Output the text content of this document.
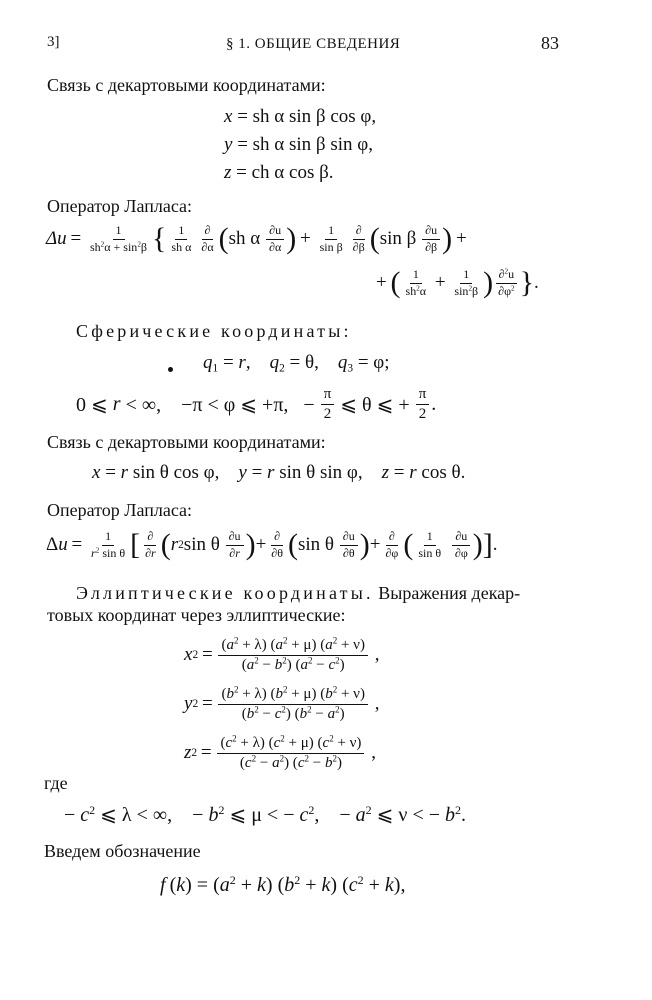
3]	§ 1. ОБЩИЕ СВЕДЕНИЯ	83
Связь с декартовыми координатами:
x = sh α sin β cos φ,
y = sh α sin β sin φ,
z = ch α cos β.
Оператор Лапласа:
$\Delta u = \frac{1}{sh^2\alpha + \sin^2\beta}$ { $\frac{1}{\text{sh α}} \frac{\partial}{\partial\alpha}$ ( sh α  $\frac{\partial u}{\partial\alpha}$ )  +  $\frac{1}{\text{sin β}} \frac{\partial}{\partial\beta}$ ( sin β  $\frac{\partial u}{\partial\beta}$ )  +
+  ( $\frac{1}{sh^2\alpha} + \frac{1}{\sin^2\beta}$ ) $\frac{\partial^2u}{\partial\varphi^2}$ } .
Сферические координаты:
$q_1 = r$,    $q_2 = \theta$,    $q_3 = \varphi$;
0 ⩽ r < ∞,    −π < φ ⩽ +π,   −  $\frac{\pi}{2}$  ⩽ θ ⩽ +  $\frac{\pi}{2}$ .
Связь с декартовыми координатами:
x = r sin θ cos φ,    y = r sin θ sin φ,    z = r cos θ.
Оператор Лапласа:
Δ $u = \frac{1}{r^2 \sin \theta}$ [ $\frac{\partial}{\partial r}$ ( r 2 sin θ  $\frac{\partial u}{\partial r}$ ) + $\frac{\partial}{\partial\theta}$ ( sin θ  $\frac{\partial u}{\partial\theta}$ ) + $\frac{\partial}{\partial\varphi}$ ( $\frac{1}{\text{sin θ}}$
  $\frac{\partial u}{\partial\varphi}$ ) ] .
Эллиптические координаты. Выражения декар-
товых координат через эллиптические:
x $2 = \frac{(a^2 + \lambda) (a^2 + \mu) (a^2 + \nu)}{(a^2 - b^2) (a^2 - c^2)}$ ,
y $2 = \frac{(b^2 + \lambda) (b^2 + \mu) (b^2 + \nu)}{(b^2 - c^2) (b^2 - a^2)}$ ,
z $2 = \frac{(c^2 + \lambda) (c^2 + \mu) (c^2 + \nu)}{(c^2 - a^2) (c^2 - b^2)}$ ,
где
− $c^2$ ⩽ λ < ∞,    − $b^2$ ⩽ μ < − $c^2$,    − $a^2$ ⩽ ν < − $b^2$.
Введем обозначение
f $(k) = (a^2 + k) (b^2 + k) (c^2 + k)$,
